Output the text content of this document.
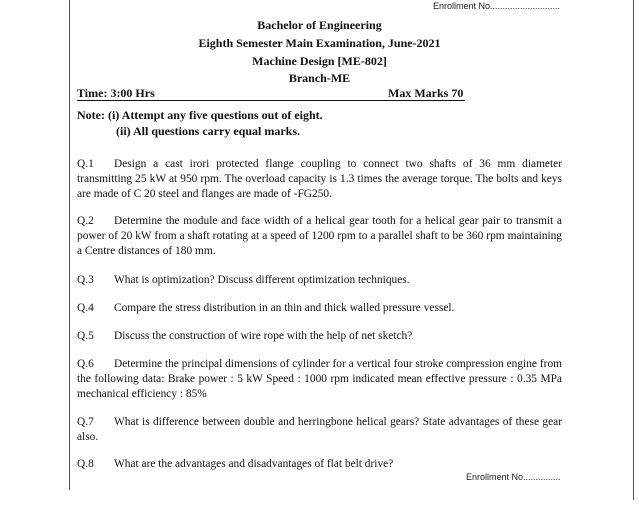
Enrollment No............................
Bachelor of Engineering
Eighth Semester Main Examination, June-2021
Machine Design [ME-802]
Branch-ME
Time: 3:00 Hrs	Max Marks 70
Note: (i) Attempt any five questions out of eight.
(ii) All questions carry equal marks.
Q.1 Design a cast irori protected flange coupling to connect two shafts of 36 mm diameter transmitting 25 kW at 950 rpm. The overload capacity is 1.3 times the average torque. The bolts and keys are made of C 20 steel and flanges are made of -FG250.
Q.2 Determine the module and face width of a helical gear tooth for a helical gear pair to transmit a power of 20 kW from a shaft rotating at a speed of 1200 rpm to a parallel shaft to be 360 rpm maintaining a Centre distances of 180 mm.
Q.3 What is optimization? Discuss different optimization techniques.
Q.4 Compare the stress distribution in an thin and thick walled pressure vessel.
Q.5 Discuss the construction of wire rope with the help of net sketch?
Q.6 Determine the principal dimensions of cylinder for a vertical four stroke compression engine from the following data: Brake power : 5 kW Speed : 1000 rpm indicated mean effective pressure : 0.35 MPa mechanical efficiency : 85%
Q.7 What is difference between double and herringbone helical gears? State advantages of these gear also.
Q.8 What are the advantages and disadvantages of flat belt drive?
Enrollment No...............
